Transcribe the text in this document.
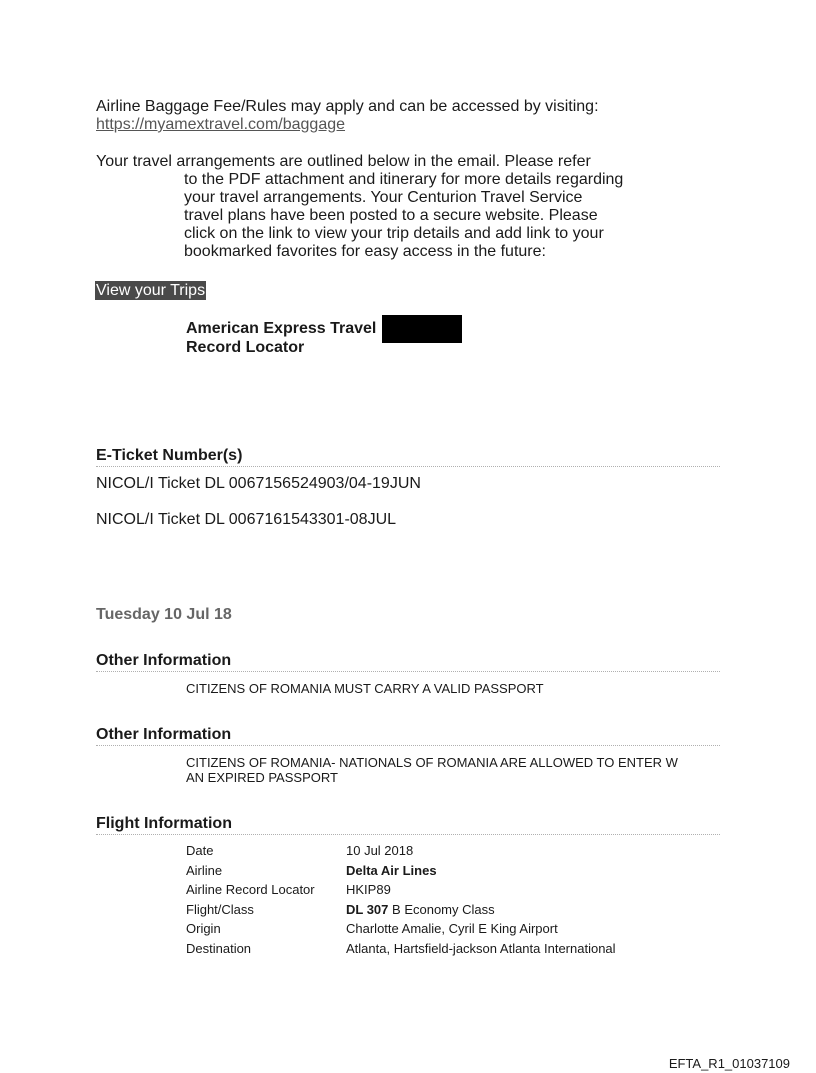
Airline Baggage Fee/Rules may apply and can be accessed by visiting:
https://myamextravel.com/baggage
Your travel arrangements are outlined below in the email. Please refer
to the PDF attachment and itinerary for more details regarding
your travel arrangements. Your Centurion Travel Service
travel plans have been posted to a secure website. Please
click on the link to view your trip details and add link to your
bookmarked favorites for easy access in the future:
View your Trips
American Express Travel
Record Locator
E-Ticket Number(s)
NICOL/I Ticket DL 0067156524903/04-19JUN
NICOL/I Ticket DL 0067161543301-08JUL
Tuesday 10 Jul 18
Other Information
CITIZENS OF ROMANIA MUST CARRY A VALID PASSPORT
Other Information
CITIZENS OF ROMANIA- NATIONALS OF ROMANIA ARE ALLOWED TO ENTER W
AN EXPIRED PASSPORT
Flight Information
Date	10 Jul 2018
Airline	Delta Air Lines
Airline Record Locator	HKIP89
Flight/Class	DL 307 B Economy Class
Origin	Charlotte Amalie, Cyril E King Airport
Destination	Atlanta, Hartsfield-jackson Atlanta International
EFTA_R1_01037109
